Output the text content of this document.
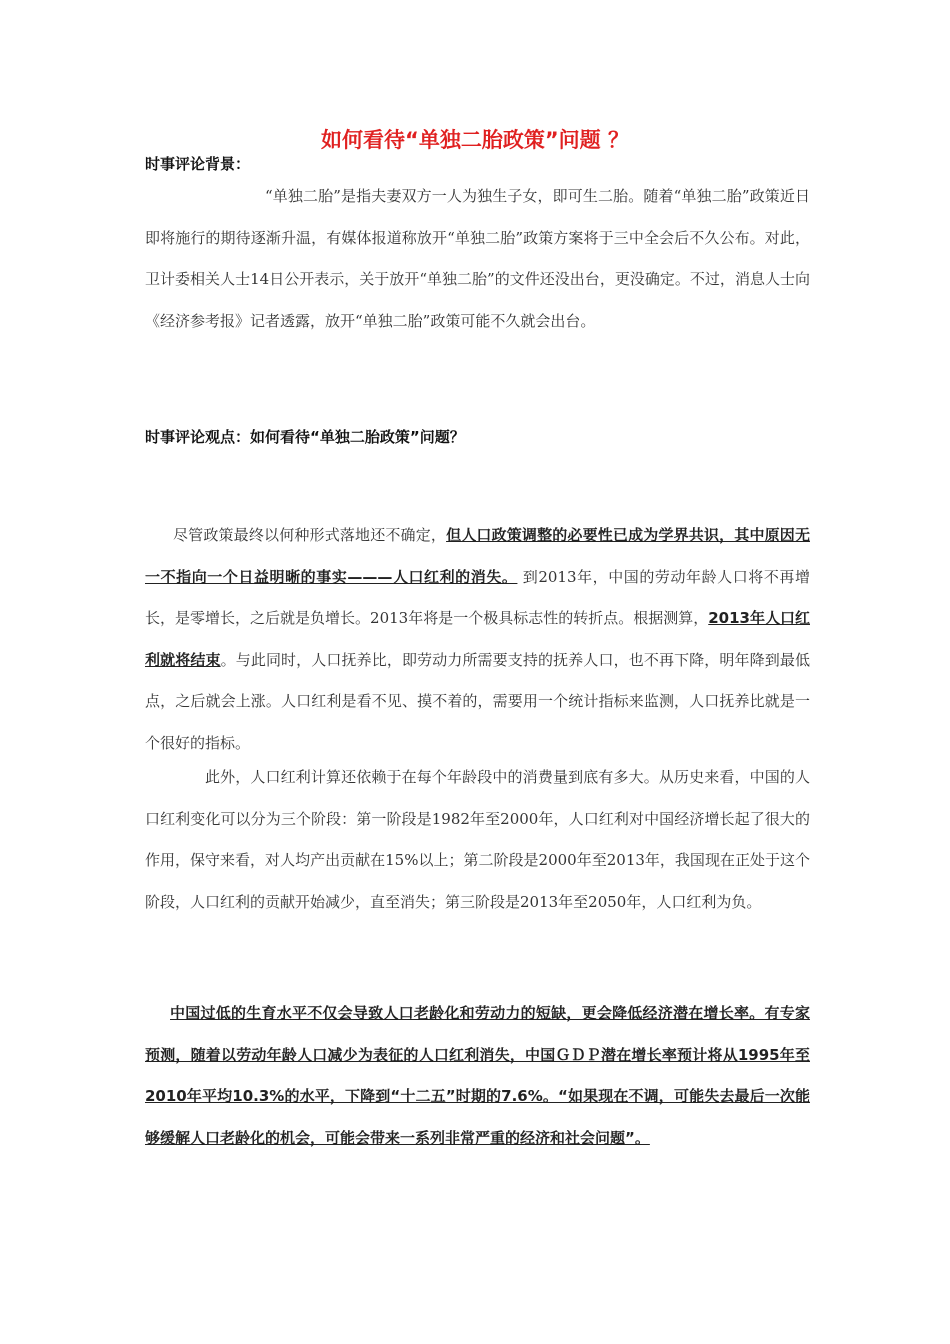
如何看待“单独二胎政策”问题 ？
时事评论背景：

“单独二胎”是指夫妻双方一人为独生子女，即可生二胎。随着“单独二胎”政策近日即将施行的期待逐渐升温，有媒体报道称放开“单独二胎”政策方案将于三中全会后不久公布。对此，卫计委相关人士14日公开表示，关于放开“单独二胎”的文件还没出台，更没确定。不过，消息人士向《经济参考报》记者透露，放开“单独二胎”政策可能不久就会出台。

时事评论观点：如何看待“单独二胎政策”问题？

尽管政策最终以何种形式落地还不确定，但人口政策调整的必要性已成为学界共识，其中原因无一不指向一个日益明晰的事实———人口红利的消失。 到2013年，中国的劳动年龄人口将不再增长，是零增长，之后就是负增长。2013年将是一个极具标志性的转折点。根据测算，2013年人口红利就将结束。与此同时，人口抚养比，即劳动力所需要支持的抚养人口，也不再下降，明年降到最低点，之后就会上涨。人口红利是看不见、摸不着的，需要用一个统计指标来监测，人口抚养比就是一个很好的指标。

此外，人口红利计算还依赖于在每个年龄段中的消费量到底有多大。从历史来看，中国的人口红利变化可以分为三个阶段：第一阶段是1982年至2000年，人口红利对中国经济增长起了很大的作用，保守来看，对人均产出贡献在15%以上；第二阶段是2000年至2013年，我国现在正处于这个阶段，人口红利的贡献开始减少，直至消失；第三阶段是2013年至2050年，人口红利为负。

中国过低的生育水平不仅会导致人口老龄化和劳动力的短缺，更会降低经济潜在增长率。有专家预测，随着以劳动年龄人口减少为表征的人口红利消失，中国ＧＤＰ潜在增长率预计将从1995年至2010年平均10.3%的水平，下降到“十二五”时期的7.6%。“如果现在不调，可能失去最后一次能够缓解人口老龄化的机会，可能会带来一系列非常严重的经济和社会问题”。
